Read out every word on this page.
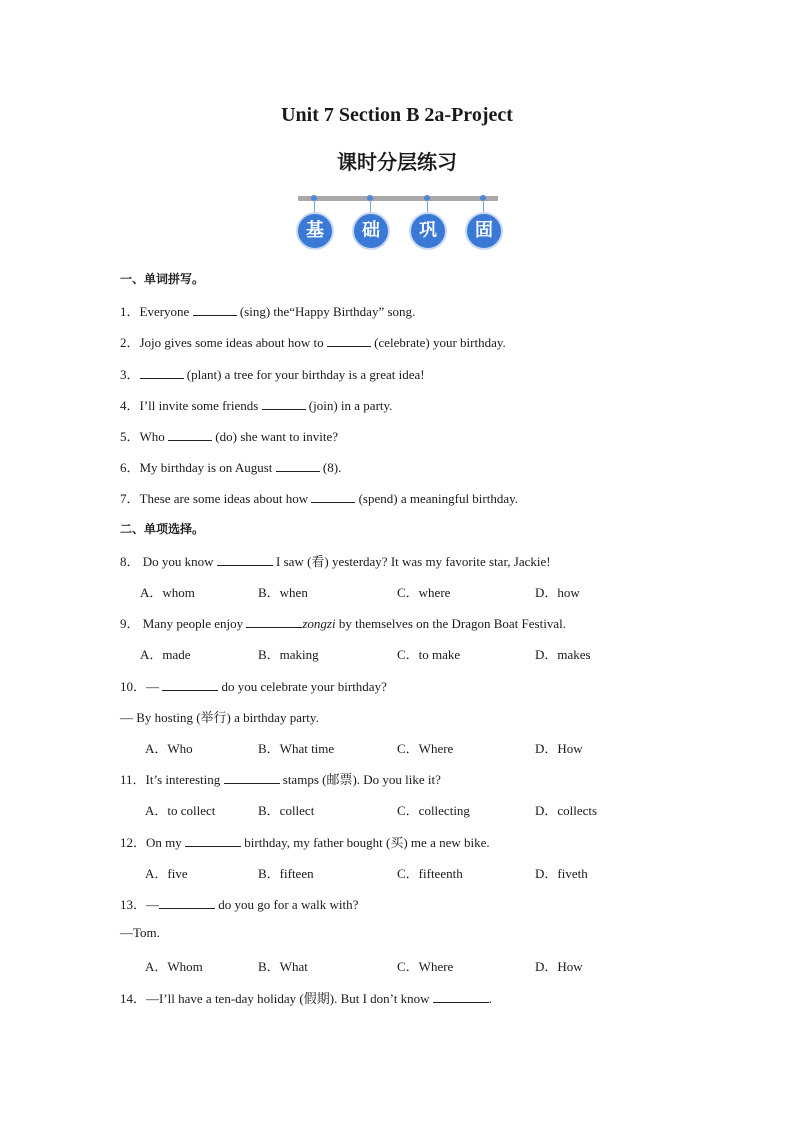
Unit 7 Section B 2a-Project
课时分层练习
基	础	巩	固
一、单词拼写。
1．Everyone	(sing) the“Happy Birthday” song.
2．Jojo gives some ideas about how to	(celebrate) your birthday.
3．	(plant) a tree for your birthday is a great idea!
4．I’ll invite some friends	(join) in a party.
5．Who	(do) she want to invite?
6．My birthday is on August	(8).
7．These are some ideas about how	(spend) a meaningful birthday.
二、单项选择。
8． Do you know	I saw (看) yesterday? It was my favorite star, Jackie!
A．whom	B．when	C．where	D．how
9． Many people enjoy	zongzi by themselves on the Dragon Boat Festival.
A．made	B．making	C．to make	D．makes
10．—	do you celebrate your birthday?
— By hosting (举行) a birthday party.
A．Who	B．What time	C．Where	D．How
11．It’s interesting	stamps (邮票). Do you like it?
A．to collect	B．collect	C．collecting	D．collects
12．On my	birthday, my father bought (买) me a new bike.
A．five	B．fifteen	C．fifteenth	D．fiveth
13．—	do you go for a walk with?
—Tom.
A．Whom	B．What	C．Where	D．How
14．—I’ll have a ten-day holiday (假期). But I don’t know	.
